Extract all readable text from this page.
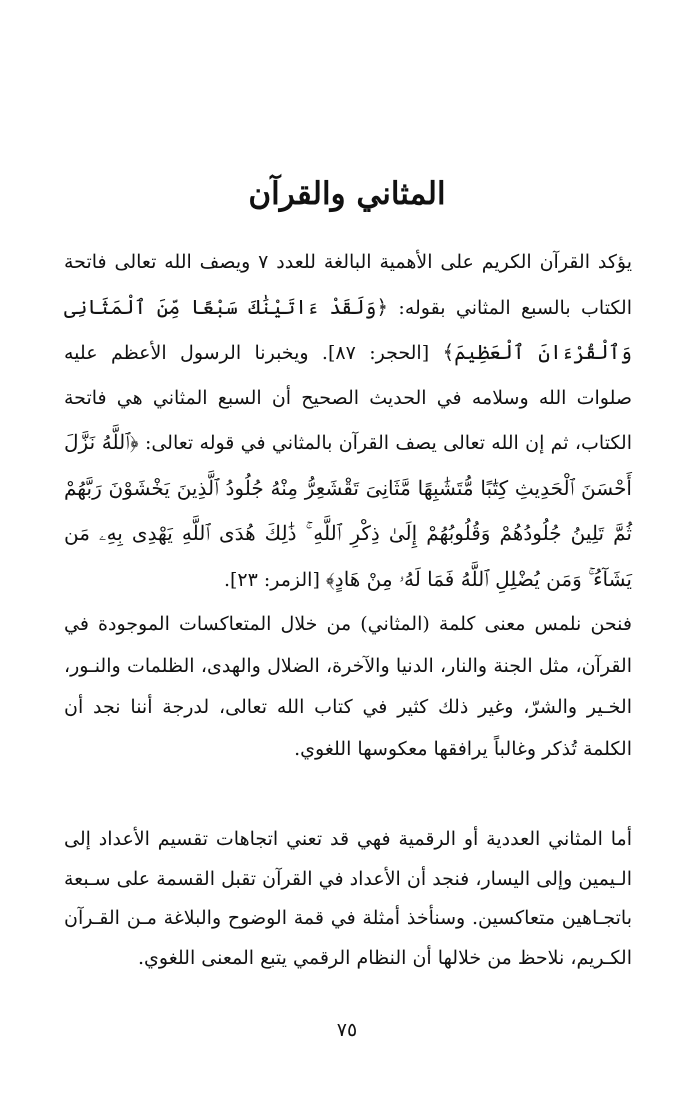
المثاني والقرآن

يؤكد القرآن الكريم على الأهمية البالغة للعدد ٧ ويصف الله تعالى فاتحة الكتاب بالسبع المثاني بقوله: ﴿وَلَقَدْ ءَاتَيْنَٰكَ سَبْعًا مِّنَ ٱلْمَثَانِى وَٱلْقُرْءَانَ ٱلْعَظِيمَ﴾ [الحجر: ٨٧]. ويخبرنا الرسول الأعظم عليه صلوات الله وسلامه في الحديث الصحيح أن السبع المثاني هي فاتحة الكتاب، ثم إن الله تعالى يصف القرآن بالمثاني في قوله تعالى: ﴿ٱللَّهُ نَزَّلَ أَحْسَنَ ٱلْحَدِيثِ كِتَٰبًا مُّتَشَٰبِهًا مَّثَانِىَ تَقْشَعِرُّ مِنْهُ جُلُودُ ٱلَّذِينَ يَخْشَوْنَ رَبَّهُمْ ثُمَّ تَلِينُ جُلُودُهُمْ وَقُلُوبُهُمْ إِلَىٰ ذِكْرِ ٱللَّهِ ۚ ذَٰلِكَ هُدَى ٱللَّهِ يَهْدِى بِهِۦ مَن يَشَآءُ ۚ وَمَن يُضْلِلِ ٱللَّهُ فَمَا لَهُۥ مِنْ هَادٍ﴾ [الزمر: ٢٣].

فنحن نلمس معنى كلمة (المثاني) من خلال المتعاكسات الموجودة في القرآن، مثل الجنة والنار، الدنيا والآخرة، الضلال والهدى، الظلمات والنـور، الخـير والشرّ، وغير ذلك كثير في كتاب الله تعالى، لدرجة أننا نجد أن الكلمة تُذكر وغالباً يرافقها معكوسها اللغوي.

أما المثاني العددية أو الرقمية فهي قد تعني اتجاهات تقسيم الأعداد إلى الـيمين وإلى اليسار، فنجد أن الأعداد في القرآن تقبل القسمة على سـبعة باتجـاهين متعاكسين. وسنأخذ أمثلة في قمة الوضوح والبلاغة مـن القـرآن الكـريم، نلاحظ من خلالها أن النظام الرقمي يتبع المعنى اللغوي.

٧٥
